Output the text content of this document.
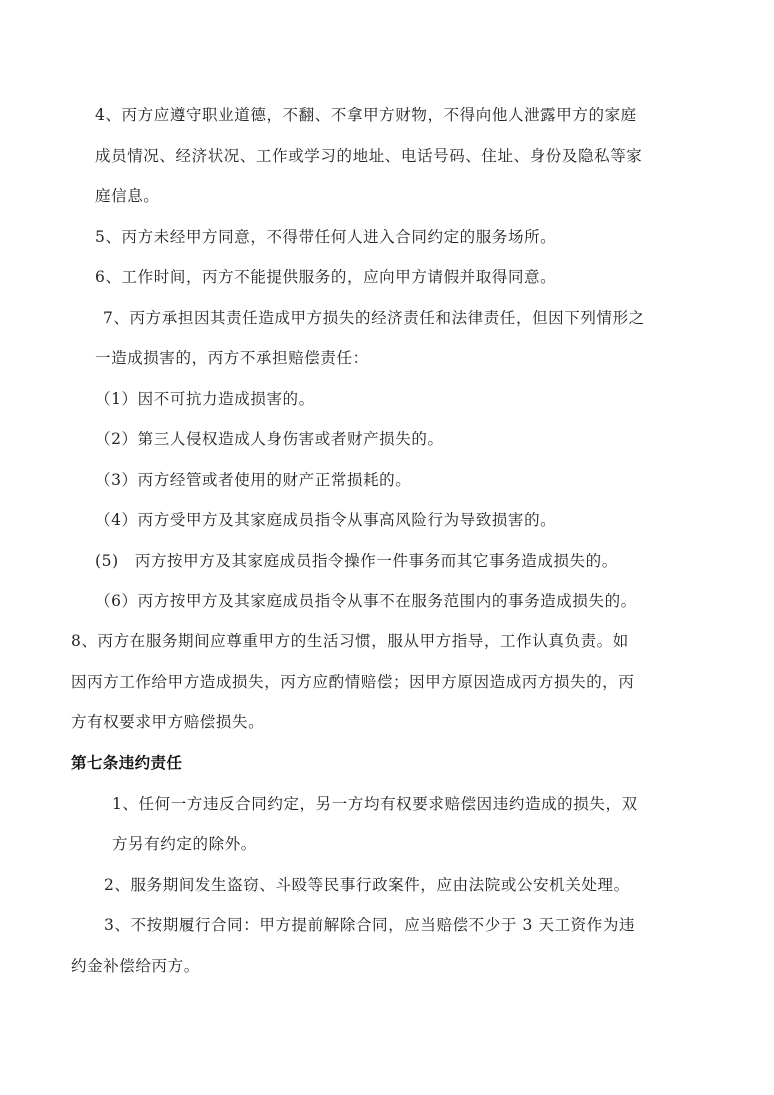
4、丙方应遵守职业道德，不翻、不拿甲方财物，不得向他人泄露甲方的家庭
成员情况、经济状况、工作或学习的地址、电话号码、住址、身份及隐私等家
庭信息。
5、丙方未经甲方同意，不得带任何人进入合同约定的服务场所。
6、工作时间，丙方不能提供服务的，应向甲方请假并取得同意。
7、丙方承担因其责任造成甲方损失的经济责任和法律责任，但因下列情形之
一造成损害的，丙方不承担赔偿责任：
（1）因不可抗力造成损害的。
（2）第三人侵权造成人身伤害或者财产损失的。
（3）丙方经管或者使用的财产正常损耗的。
（4）丙方受甲方及其家庭成员指令从事高风险行为导致损害的。
(5)　丙方按甲方及其家庭成员指令操作一件事务而其它事务造成损失的。
（6）丙方按甲方及其家庭成员指令从事不在服务范围内的事务造成损失的。
8、丙方在服务期间应尊重甲方的生活习惯，服从甲方指导，工作认真负责。如
因丙方工作给甲方造成损失，丙方应酌情赔偿；因甲方原因造成丙方损失的，丙
方有权要求甲方赔偿损失。
第七条违约责任
1、任何一方违反合同约定，另一方均有权要求赔偿因违约造成的损失，双
方另有约定的除外。
2、服务期间发生盗窃、斗殴等民事行政案件，应由法院或公安机关处理。
3、不按期履行合同：甲方提前解除合同，应当赔偿不少于 3 天工资作为违
约金补偿给丙方。
